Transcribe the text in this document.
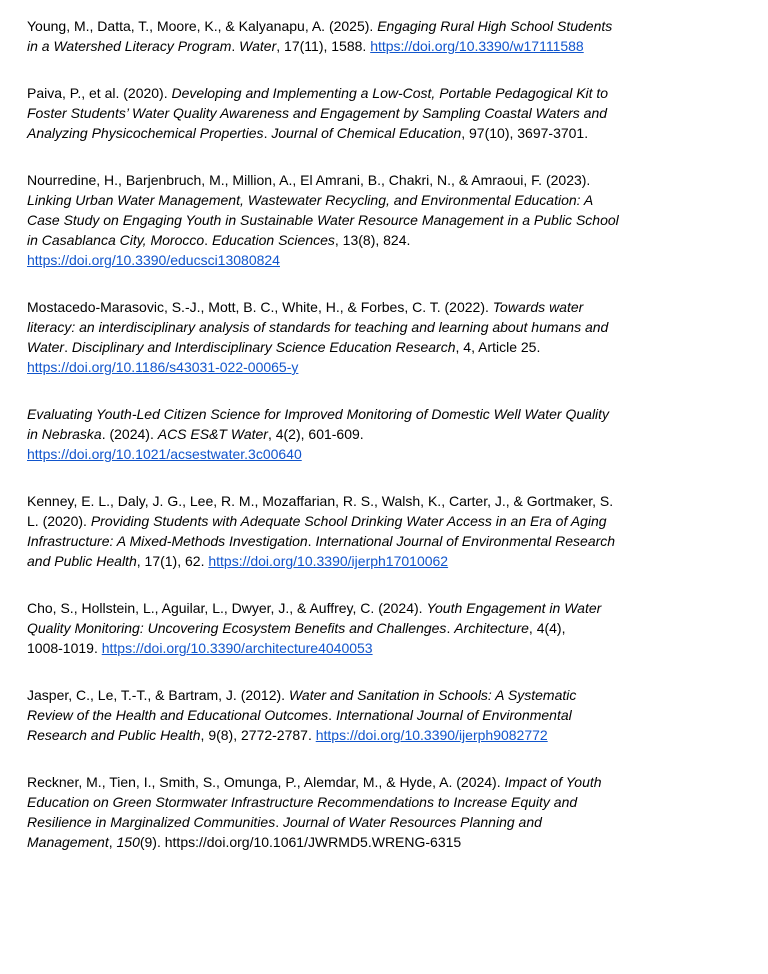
Young, M., Datta, T., Moore, K., & Kalyanapu, A. (2025). Engaging Rural High School Students
in a Watershed Literacy Program. Water, 17(11), 1588. https://doi.org/10.3390/w17111588

Paiva, P., et al. (2020). Developing and Implementing a Low-Cost, Portable Pedagogical Kit to
Foster Students’ Water Quality Awareness and Engagement by Sampling Coastal Waters and
Analyzing Physicochemical Properties. Journal of Chemical Education, 97(10), 3697-3701.

Nourredine, H., Barjenbruch, M., Million, A., El Amrani, B., Chakri, N., & Amraoui, F. (2023).
Linking Urban Water Management, Wastewater Recycling, and Environmental Education: A
Case Study on Engaging Youth in Sustainable Water Resource Management in a Public School
in Casablanca City, Morocco. Education Sciences, 13(8), 824.
https://doi.org/10.3390/educsci13080824

Mostacedo-Marasovic, S.-J., Mott, B. C., White, H., & Forbes, C. T. (2022). Towards water
literacy: an interdisciplinary analysis of standards for teaching and learning about humans and
Water. Disciplinary and Interdisciplinary Science Education Research, 4, Article 25.
https://doi.org/10.1186/s43031-022-00065-y

Evaluating Youth-Led Citizen Science for Improved Monitoring of Domestic Well Water Quality
in Nebraska. (2024). ACS ES&T Water, 4(2), 601-609.
https://doi.org/10.1021/acsestwater.3c00640

Kenney, E. L., Daly, J. G., Lee, R. M., Mozaffarian, R. S., Walsh, K., Carter, J., & Gortmaker, S.
L. (2020). Providing Students with Adequate School Drinking Water Access in an Era of Aging
Infrastructure: A Mixed-Methods Investigation. International Journal of Environmental Research
and Public Health, 17(1), 62. https://doi.org/10.3390/ijerph17010062

Cho, S., Hollstein, L., Aguilar, L., Dwyer, J., & Auffrey, C. (2024). Youth Engagement in Water
Quality Monitoring: Uncovering Ecosystem Benefits and Challenges. Architecture, 4(4),
1008-1019. https://doi.org/10.3390/architecture4040053

Jasper, C., Le, T.-T., & Bartram, J. (2012). Water and Sanitation in Schools: A Systematic
Review of the Health and Educational Outcomes. International Journal of Environmental
Research and Public Health, 9(8), 2772-2787. https://doi.org/10.3390/ijerph9082772

Reckner, M., Tien, I., Smith, S., Omunga, P., Alemdar, M., & Hyde, A. (2024). Impact of Youth
Education on Green Stormwater Infrastructure Recommendations to Increase Equity and
Resilience in Marginalized Communities. Journal of Water Resources Planning and
Management, 150(9). https://doi.org/10.1061/JWRMD5.WRENG-6315
